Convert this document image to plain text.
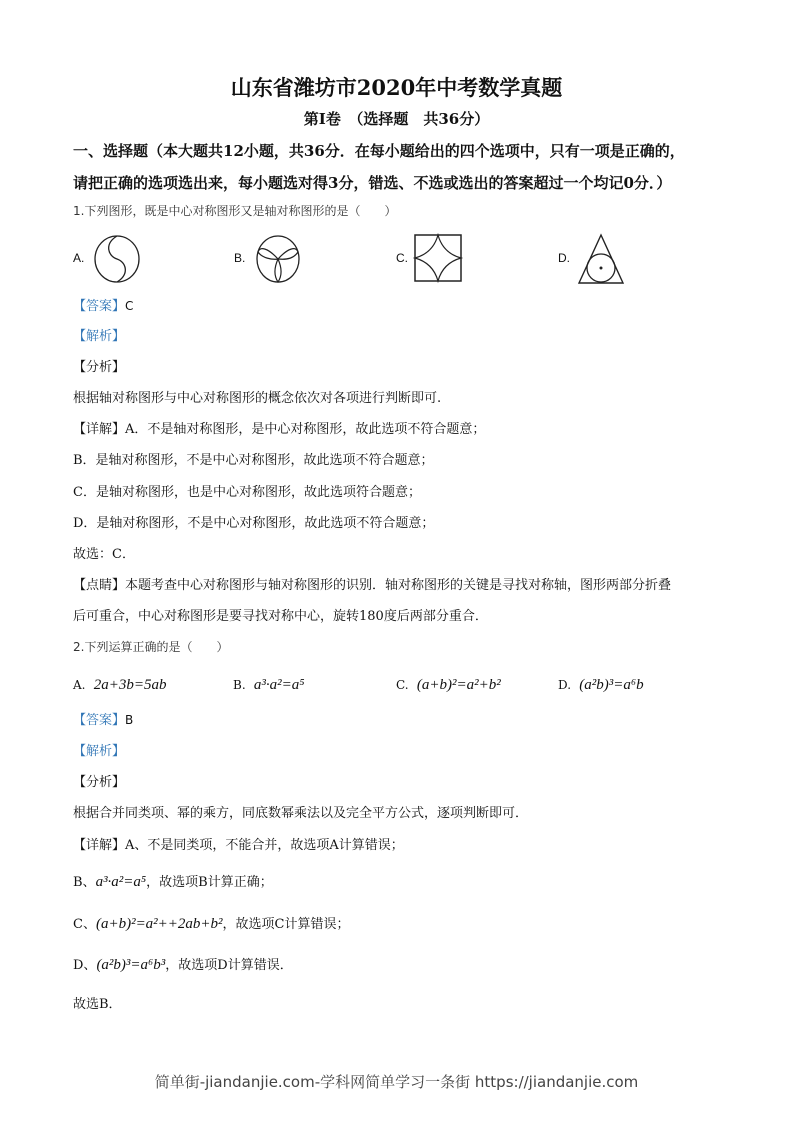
山东省潍坊市2020年中考数学真题
第Ⅰ卷　（选择题　共36分）
一、选择题（本大题共12小题，共36分．在每小题给出的四个选项中，只有一项是正确的，
请把正确的选项选出来，每小题选对得3分，错选、不选或选出的答案超过一个均记0分．）
1.下列图形，既是中心对称图形又是轴对称图形的是（　　）
A.	B.	C.	D.
【答案】C
【解析】
【分析】
根据轴对称图形与中心对称图形的概念依次对各项进行判断即可.
【详解】A．不是轴对称图形，是中心对称图形，故此选项不符合题意；
B．是轴对称图形，不是中心对称图形，故此选项不符合题意；
C．是轴对称图形，也是中心对称图形，故此选项符合题意；
D．是轴对称图形，不是中心对称图形，故此选项不符合题意；
故选：C．
【点睛】本题考查中心对称图形与轴对称图形的识别．轴对称图形的关键是寻找对称轴，图形两部分折叠
后可重合，中心对称图形是要寻找对称中心，旋转180度后两部分重合．
2.下列运算正确的是（　　）
A. 2a+3b=5ab	B. a³·a²=a⁵	C. (a+b)²=a²+b²	D. (a²b)³=a⁶b
【答案】B
【解析】
【分析】
根据合并同类项、幂的乘方，同底数幂乘法以及完全平方公式，逐项判断即可．
【详解】A、不是同类项，不能合并，故选项A计算错误；
B、a³·a²=a⁵，故选项B计算正确；
C、(a+b)²=a²++2ab+b²，故选项C计算错误；
D、(a²b)³=a⁶b³，故选项D计算错误．
故选B．
简单街-jiandanjie.com-学科网简单学习一条街 https://jiandanjie.com
